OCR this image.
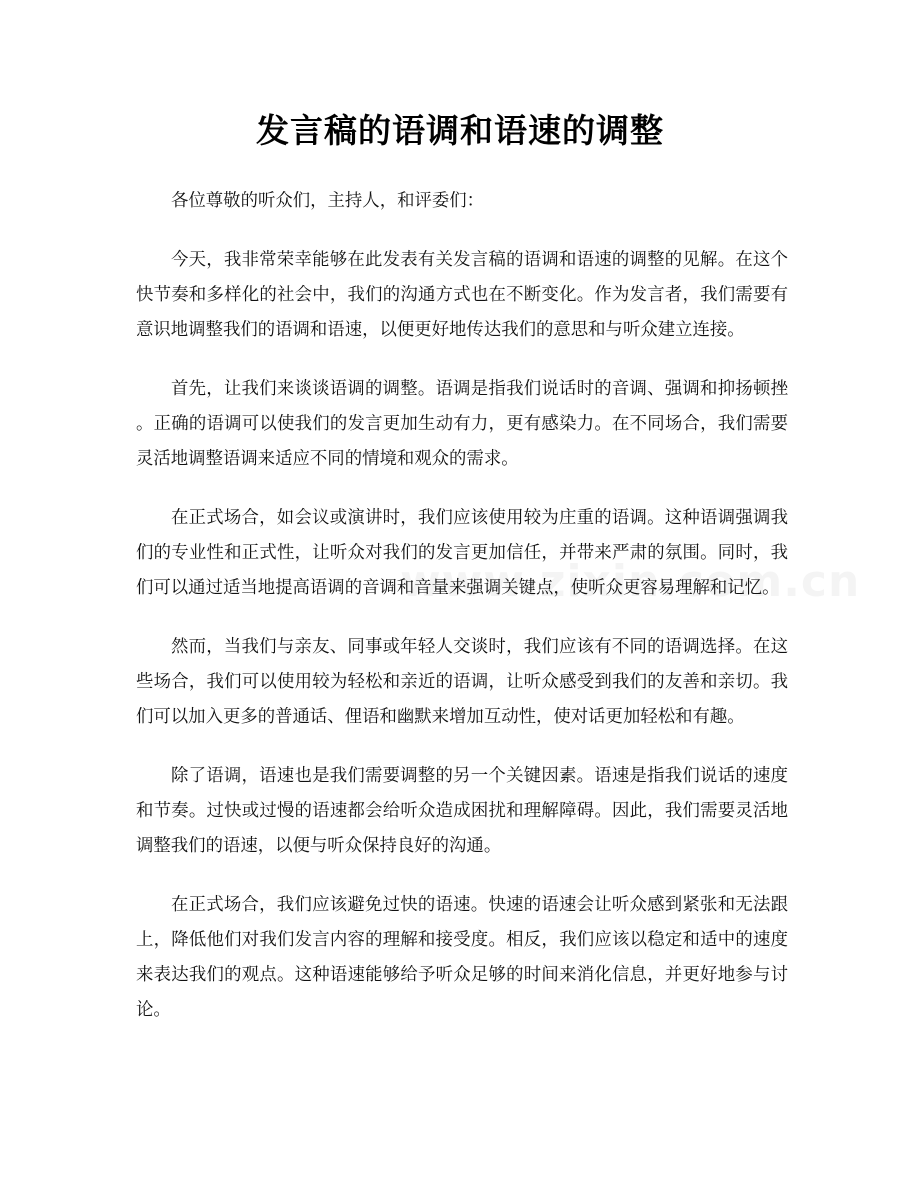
发言稿的语调和语速的调整

各位尊敬的听众们，主持人，和评委们：

今天，我非常荣幸能够在此发表有关发言稿的语调和语速的调整的见解。在这个快节奏和多样化的社会中，我们的沟通方式也在不断变化。作为发言者，我们需要有意识地调整我们的语调和语速，以便更好地传达我们的意思和与听众建立连接。

首先，让我们来谈谈语调的调整。语调是指我们说话时的音调、强调和抑扬顿挫。正确的语调可以使我们的发言更加生动有力，更有感染力。在不同场合，我们需要灵活地调整语调来适应不同的情境和观众的需求。

在正式场合，如会议或演讲时，我们应该使用较为庄重的语调。这种语调强调我们的专业性和正式性，让听众对我们的发言更加信任，并带来严肃的氛围。同时，我们可以通过适当地提高语调的音调和音量来强调关键点，使听众更容易理解和记忆。

然而，当我们与亲友、同事或年轻人交谈时，我们应该有不同的语调选择。在这些场合，我们可以使用较为轻松和亲近的语调，让听众感受到我们的友善和亲切。我们可以加入更多的普通话、俚语和幽默来增加互动性，使对话更加轻松和有趣。

除了语调，语速也是我们需要调整的另一个关键因素。语速是指我们说话的速度和节奏。过快或过慢的语速都会给听众造成困扰和理解障碍。因此，我们需要灵活地调整我们的语速，以便与听众保持良好的沟通。

在正式场合，我们应该避免过快的语速。快速的语速会让听众感到紧张和无法跟上，降低他们对我们发言内容的理解和接受度。相反，我们应该以稳定和适中的速度来表达我们的观点。这种语速能够给予听众足够的时间来消化信息，并更好地参与讨论。
